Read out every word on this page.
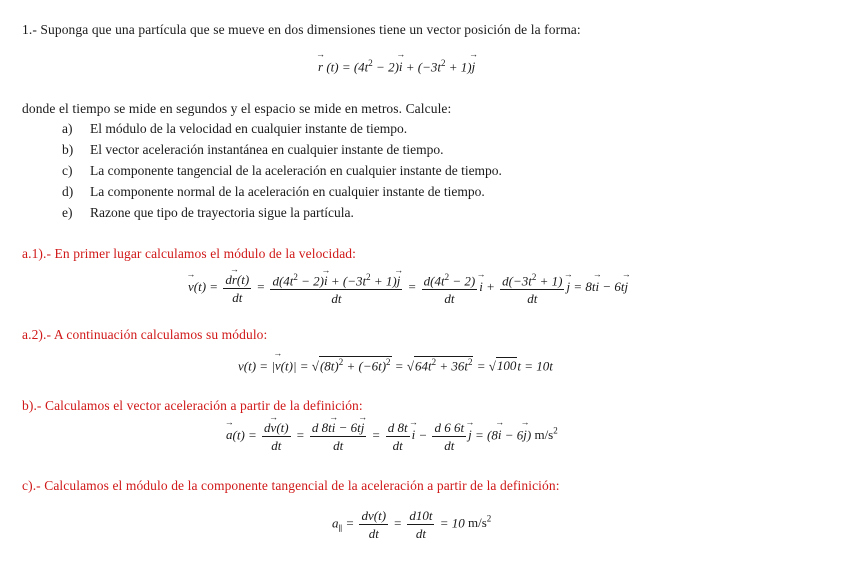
1.- Suponga que una partícula que se mueve en dos dimensiones tiene un vector posición de la forma:
→ r $(t) = (4t^2 - 2)\to i + (-3t^2 + 1)\to j$
donde el tiempo se mide en segundos y el espacio se mide en metros. Calcule:
a) El módulo de la velocidad en cualquier instante de tiempo.
b) El vector aceleración instantánea en cualquier instante de tiempo.
c) La componente tangencial de la aceleración en cualquier instante de tiempo.
d) La componente normal de la aceleración en cualquier instante de tiempo.
e) Razone que tipo de trayectoria sigue la partícula.
a.1).- En primer lugar calculamos el módulo de la velocidad:
→ $v(t) = \frac{d\to r(t)}{dt} = \frac{d(4t^2 - 2)\to i + (-3t^2 + 1)\to j}{dt} = \frac{d(4t^2 - 2)}{dt}$
→ $i + \frac{d(-3t^2 + 1)}{dt}$
→ j = 8t→ i − 6t→ j
a.2).- A continuación calculamos su módulo:
v(t) = |→ $v(t)| = √(8t)^2 + (-6t)^2 = √64t^2 + 36t^2 = √100t = 10t$
b).- Calculamos el vector aceleración a partir de la definición:
→ $a(t) = \frac{d\to v(t)}{dt} = \frac{d 8t\to i - 6t\to j}{dt} = \frac{d 8t}{dt}$
→ $i - \frac{d 6 6t}{dt}$
→ j = (8→ i − 6→ j) $m/s^2$
c).- Calculamos el módulo de la componente tangencial de la aceleración a partir de la definición:
$a_\parallel = \frac{dv(t)}{dt} = \frac{d10t}{dt} = 10$ $m/s^2$
